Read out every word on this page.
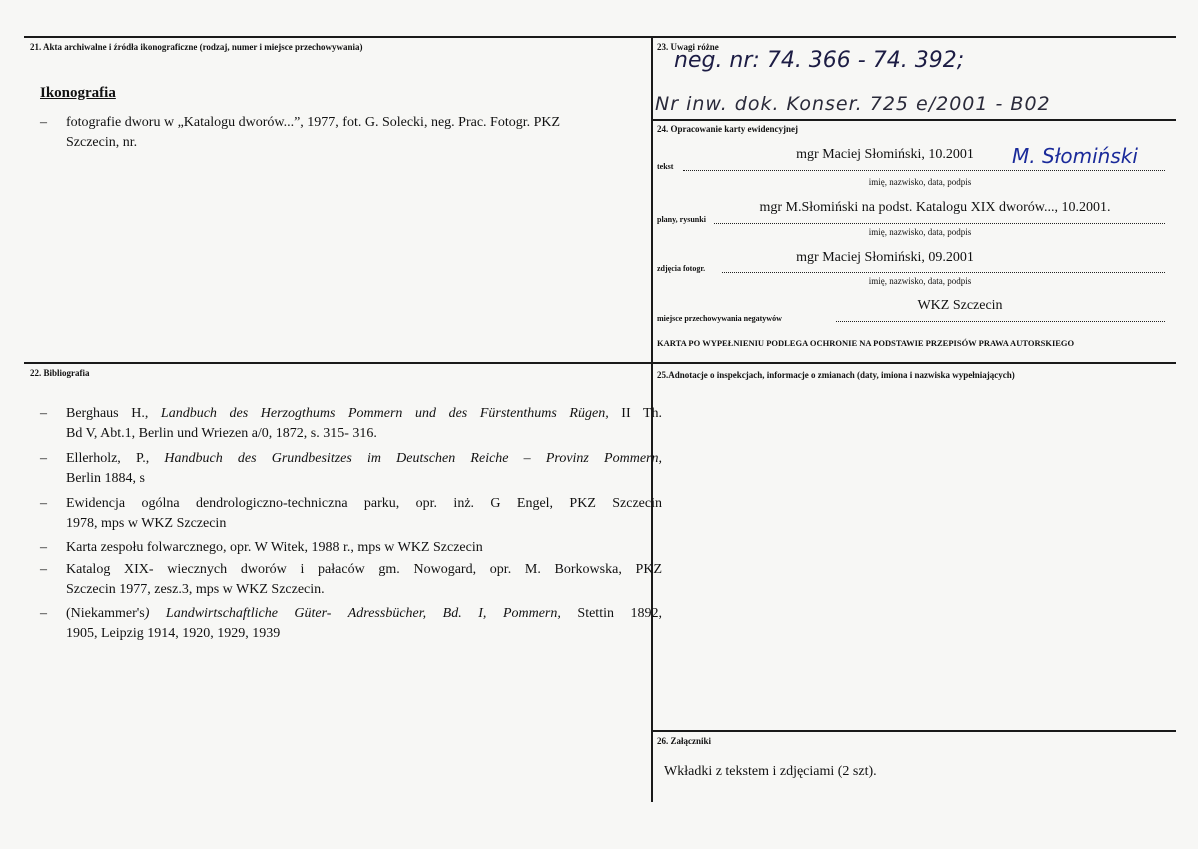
21. Akta archiwalne i źródła ikonograficzne (rodzaj, numer i miejsce przechowywania)
Ikonografia
– fotografie dworu w „Katalogu dworów...”, 1977, fot. G. Solecki, neg. Prac. Fotogr. PKZ
Szczecin, nr.
22. Bibliografia
– Berghaus H., Landbuch des Herzogthums Pommern und des Fürstenthums Rügen, II Th.
Bd V, Abt.1, Berlin und Wriezen a/0, 1872, s. 315- 316.
– Ellerholz, P., Handbuch des Grundbesitzes im Deutschen Reiche – Provinz Pommern,
Berlin 1884, s
– Ewidencja ogólna dendrologiczno-techniczna parku, opr. inż. G Engel, PKZ Szczecin
1978, mps w WKZ Szczecin
– Karta zespołu folwarcznego, opr. W Witek, 1988 r., mps w WKZ Szczecin
– Katalog XIX- wiecznych dworów i pałaców gm. Nowogard, opr. M. Borkowska, PKZ
Szczecin 1977, zesz.3, mps w WKZ Szczecin.
– (Niekammer's) Landwirtschaftliche Güter- Adressbücher, Bd. I, Pommern, Stettin 1892,
1905, Leipzig 1914, 1920, 1929, 1939
23. Uwagi różne
neg. nr: 74. 366 - 74. 392;
Nr inw. dok. Konser. 725 e/2001 - B02
24. Opracowanie karty ewidencyjnej
tekst
mgr Maciej Słomiński, 10.2001	M. Słomiński
imię, nazwisko, data, podpis
plany, rysunki
mgr M.Słomiński na podst. Katalogu XIX dworów..., 10.2001.
imię, nazwisko, data, podpis
zdjęcia fotogr.
mgr Maciej Słomiński, 09.2001
imię, nazwisko, data, podpis
miejsce przechowywania negatywów
WKZ Szczecin
KARTA PO WYPEŁNIENIU PODLEGA OCHRONIE NA PODSTAWIE PRZEPISÓW PRAWA AUTORSKIEGO
25.Adnotacje o inspekcjach, informacje o zmianach (daty, imiona i nazwiska wypełniających)
26. Załączniki
Wkładki z tekstem i zdjęciami (2 szt).
